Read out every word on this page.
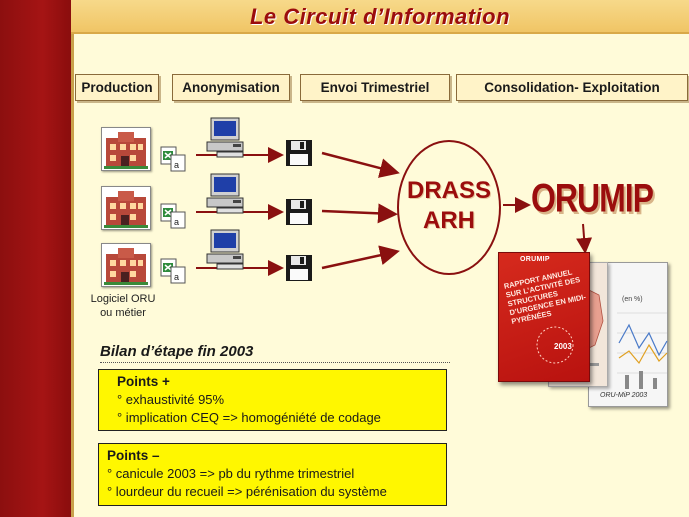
Le Circuit d’Information
Production	Anonymisation	Envoi Trimestriel	Consolidation- Exploitation
a
a
a
Logiciel ORU
ou métier
DRASS
ARH
ORUMIP
(en %)
ORUMIP
RAPPORT ANNUEL SUR L’ACTIVITÉ DES STRUCTURES D’URGENCE EN MIDI-PYRÉNÉES
2003
ORU-MiP 2003
Bilan d’étape fin 2003
Points +
° exhaustivité 95%
° implication CEQ => homogéniété de codage
Points –
° canicule 2003 => pb du rythme trimestriel
° lourdeur du recueil => pérénisation du système
